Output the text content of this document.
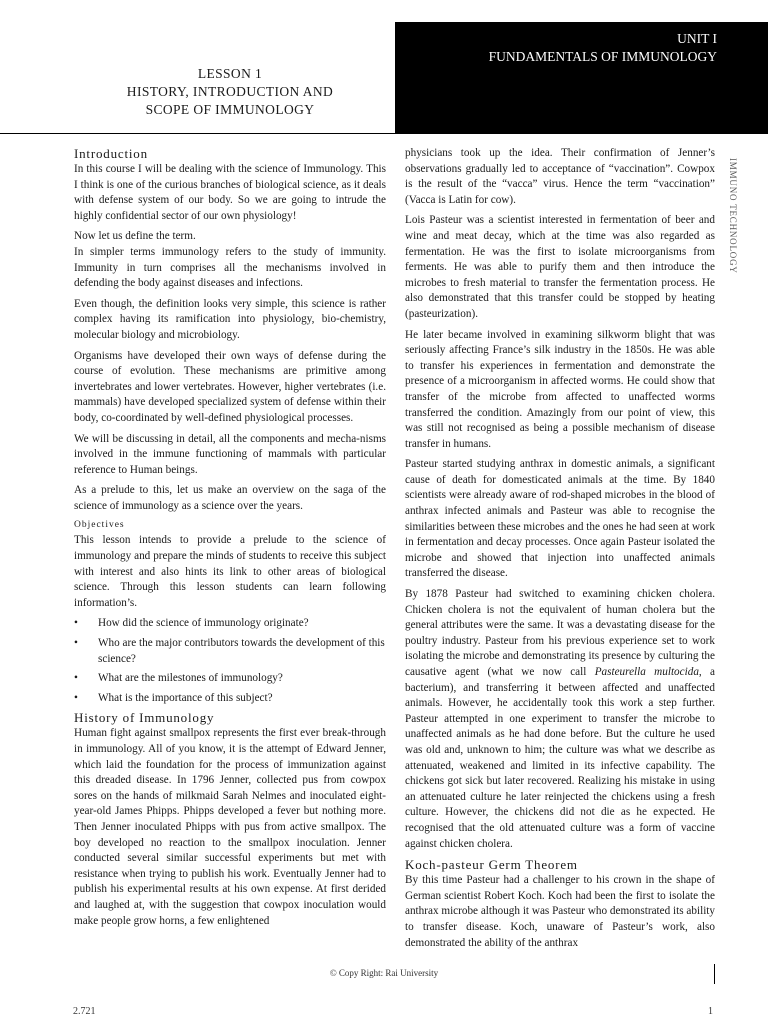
UNIT I
FUNDAMENTALS OF IMMUNOLOGY
LESSON 1
HISTORY, INTRODUCTION AND
SCOPE OF IMMUNOLOGY
IMMUNO TECHNOLOGY
Introduction

In this course I will be dealing with the science of Immunology. This I think is one of the curious branches of biological science, as it deals with defense system of our body. So we are going to intrude the highly confidential sector of our own physiology!

Now let us define the term.

In simpler terms immunology refers to the study of immunity. Immunity in turn comprises all the mechanisms involved in defending the body against diseases and infections.

Even though, the definition looks very simple, this science is rather complex having its ramification into physiology, bio-chemistry, molecular biology and microbiology.

Organisms have developed their own ways of defense during the course of evolution. These mechanisms are primitive among invertebrates and lower vertebrates. However, higher vertebrates (i.e. mammals) have developed specialized system of defense within their body, co-coordinated by well-defined physiological processes.

We will be discussing in detail, all the components and mecha-nisms involved in the immune functioning of mammals with particular reference to Human beings.

As a prelude to this, let us make an overview on the saga of the science of immunology as a science over the years.

Objectives

This lesson intends to provide a prelude to the science of immunology and prepare the minds of students to receive this subject with interest and also hints its link to other areas of biological science. Through this lesson students can learn following information’s.

• How did the science of immunology originate?
• Who are the major contributors towards the development of this science?
• What are the milestones of immunology?
• What is the importance of this subject?
History of Immunology

Human fight against smallpox represents the first ever break-through in immunology. All of you know, it is the attempt of Edward Jenner, which laid the foundation for the process of immunization against this dreaded disease. In 1796 Jenner, collected pus from cowpox sores on the hands of milkmaid Sarah Nelmes and inoculated eight-year-old James Phipps. Phipps developed a fever but nothing more. Then Jenner inoculated Phipps with pus from active smallpox. The boy developed no reaction to the smallpox inoculation. Jenner conducted several similar successful experiments but met with resistance when trying to publish his work. Eventually Jenner had to publish his experimental results at his own expense. At first derided and laughed at, with the suggestion that cowpox inoculation would make people grow horns, a few enlightened

physicians took up the idea. Their confirmation of Jenner’s observations gradually led to acceptance of “vaccination”. Cowpox is the result of the “vacca” virus. Hence the term “vaccination” (Vacca is Latin for cow).

Lois Pasteur was a scientist interested in fermentation of beer and wine and meat decay, which at the time was also regarded as fermentation. He was the first to isolate microorganisms from ferments. He was able to purify them and then introduce the microbes to fresh material to transfer the fermentation process. He also demonstrated that this transfer could be stopped by heating (pasteurization).

He later became involved in examining silkworm blight that was seriously affecting France’s silk industry in the 1850s. He was able to transfer his experiences in fermentation and demonstrate the presence of a microorganism in affected worms. He could show that transfer of the microbe from affected to unaffected worms transferred the condition. Amazingly from our point of view, this was still not recognised as being a possible mechanism of disease transfer in humans.

Pasteur started studying anthrax in domestic animals, a significant cause of death for domesticated animals at the time. By 1840 scientists were already aware of rod-shaped microbes in the blood of anthrax infected animals and Pasteur was able to recognise the similarities between these microbes and the ones he had seen at work in fermentation and decay processes. Once again Pasteur isolated the microbe and showed that injection into unaffected animals transferred the disease.

By 1878 Pasteur had switched to examining chicken cholera. Chicken cholera is not the equivalent of human cholera but the general attributes were the same. It was a devastating disease for the poultry industry. Pasteur from his previous experience set to work isolating the microbe and demonstrating its presence by culturing the causative agent (what we now call Pasteurella multocida, a bacterium), and transferring it between affected and unaffected animals. However, he accidentally took this work a step further. Pasteur attempted in one experiment to transfer the microbe to unaffected animals as he had done before. But the culture he used was old and, unknown to him; the culture was what we describe as attenuated, weakened and limited in its infective capability. The chickens got sick but later recovered. Realizing his mistake in using an attenuated culture he later reinjected the chickens using a fresh culture. However, the chickens did not die as he expected. He recognised that the old attenuated culture was a form of vaccine against chicken cholera.

Koch-pasteur Germ Theorem

By this time Pasteur had a challenger to his crown in the shape of German scientist Robert Koch. Koch had been the first to isolate the anthrax microbe although it was Pasteur who demonstrated its ability to transfer disease. Koch, unaware of Pasteur’s work, also demonstrated the ability of the anthrax

© Copy Right: Rai University
2.721	1
